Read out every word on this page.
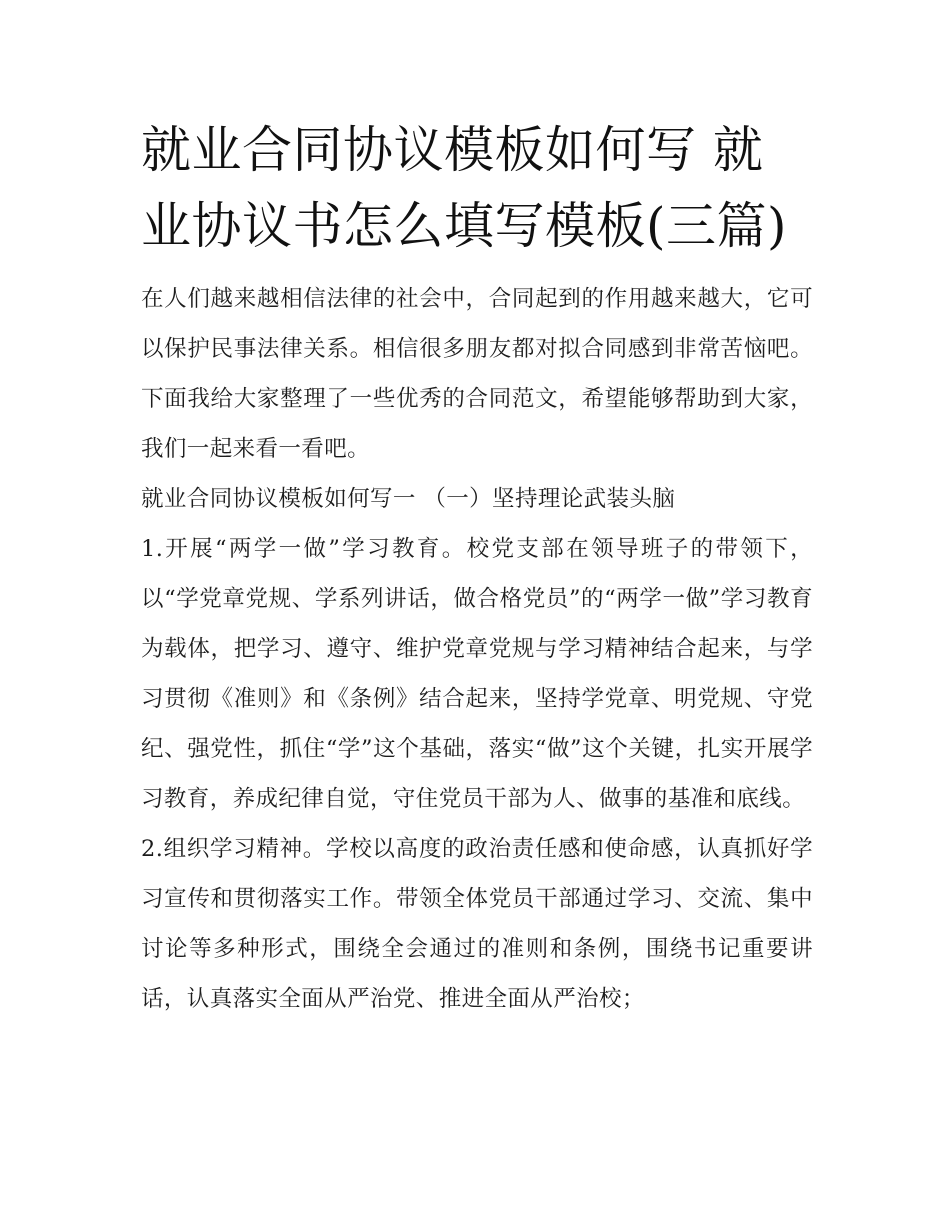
就业合同协议模板如何写 就业协议书怎么填写模板(三篇)

在人们越来越相信法律的社会中，合同起到的作用越来越大，它可以保护民事法律关系。相信很多朋友都对拟合同感到非常苦恼吧。下面我给大家整理了一些优秀的合同范文，希望能够帮助到大家，我们一起来看一看吧。

就业合同协议模板如何写一 （一）坚持理论武装头脑

1.开展“两学一做”学习教育。校党支部在领导班子的带领下，以“学党章党规、学系列讲话，做合格党员”的“两学一做”学习教育为载体，把学习、遵守、维护党章党规与学习精神结合起来，与学习贯彻《准则》和《条例》结合起来，坚持学党章、明党规、守党纪、强党性，抓住“学”这个基础，落实“做”这个关键，扎实开展学习教育，养成纪律自觉，守住党员干部为人、做事的基准和底线。

2.组织学习精神。学校以高度的政治责任感和使命感，认真抓好学习宣传和贯彻落实工作。带领全体党员干部通过学习、交流、集中讨论等多种形式，围绕全会通过的准则和条例，围绕书记重要讲话，认真落实全面从严治党、推进全面从严治校；
